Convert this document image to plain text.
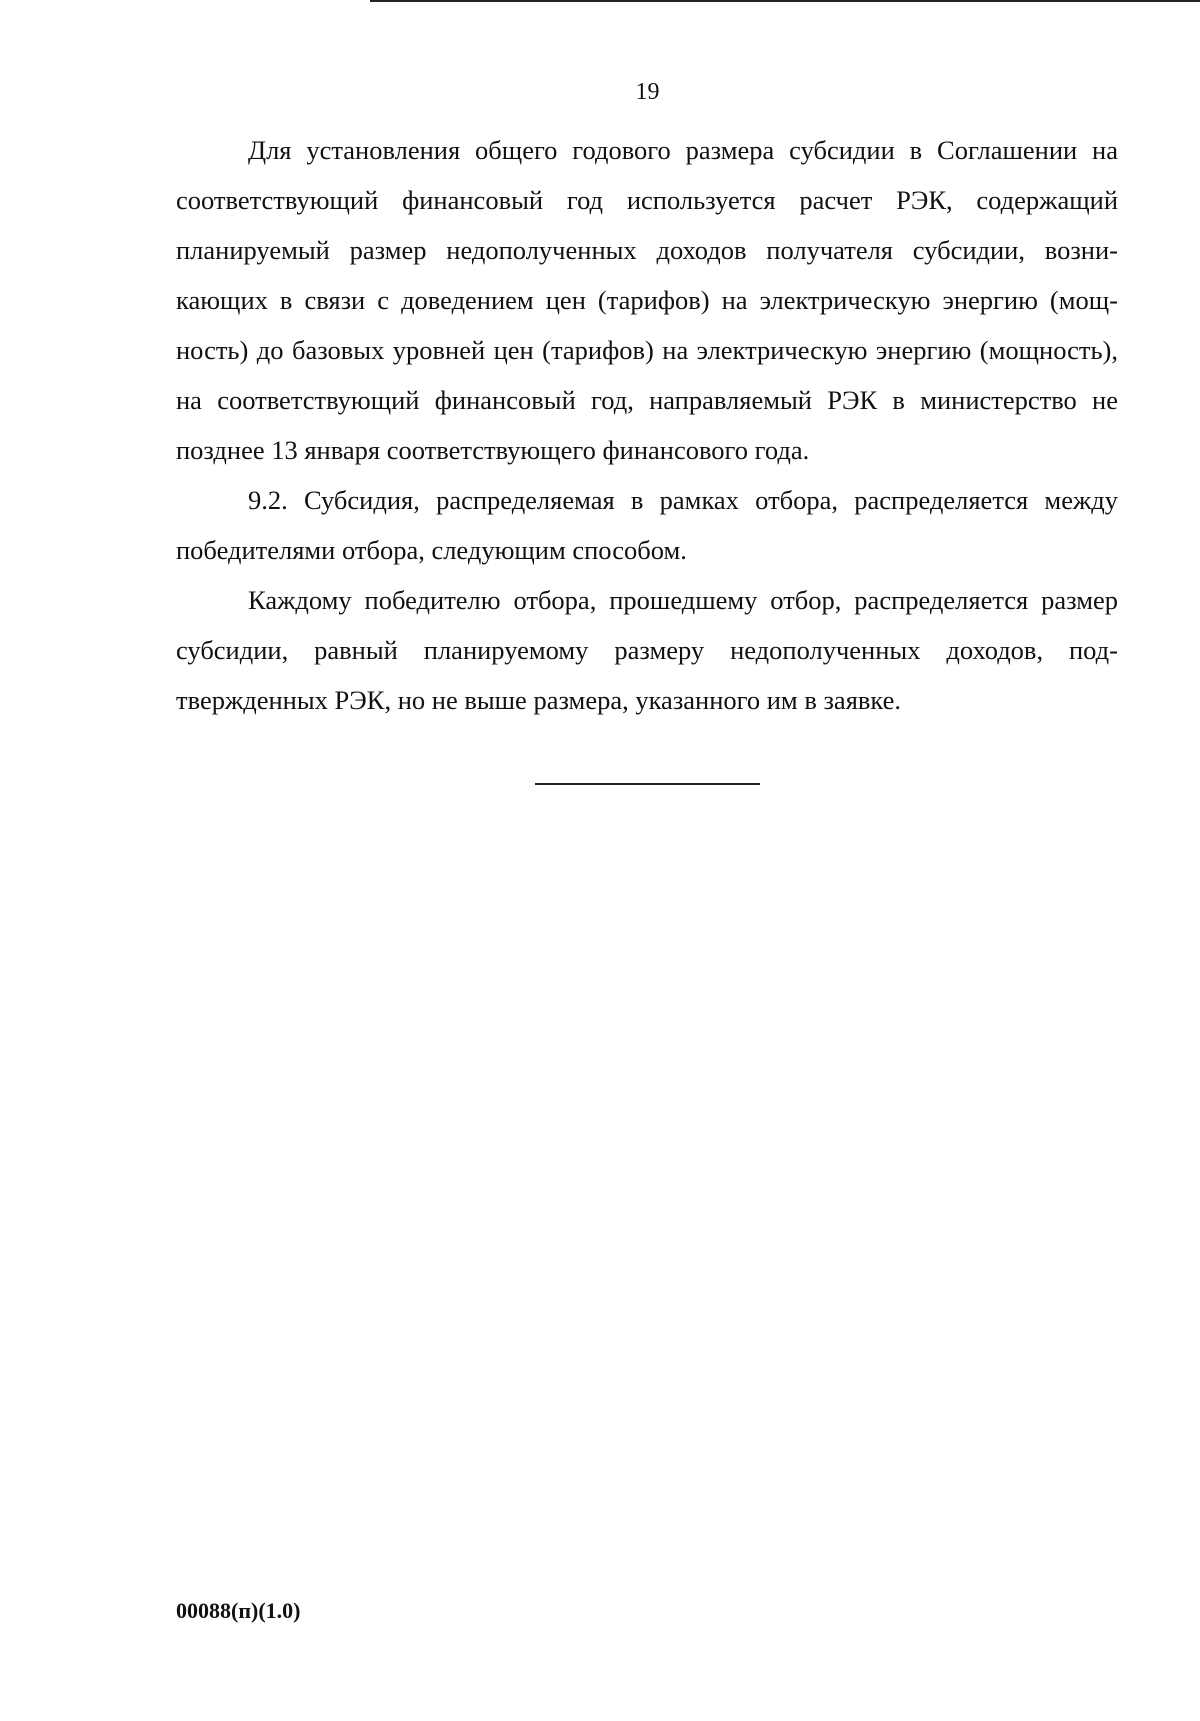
19

Для установления общего годового размера субсидии в Соглашении на соответствующий финансовый год используется расчет РЭК, содержащий планируемый размер недополученных доходов получателя субсидии, возникающих в связи с доведением цен (тарифов) на электрическую энергию (мощность) до базовых уровней цен (тарифов) на электрическую энергию (мощность), на соответствующий финансовый год, направляемый РЭК в министерство не позднее 13 января соответствующего финансового года.

9.2. Субсидия, распределяемая в рамках отбора, распределяется между победителями отбора, следующим способом.

Каждому победителю отбора, прошедшему отбор, распределяется размер субсидии, равный планируемому размеру недополученных доходов, подтвержденных РЭК, но не выше размера, указанного им в заявке.

00088(п)(1.0)
